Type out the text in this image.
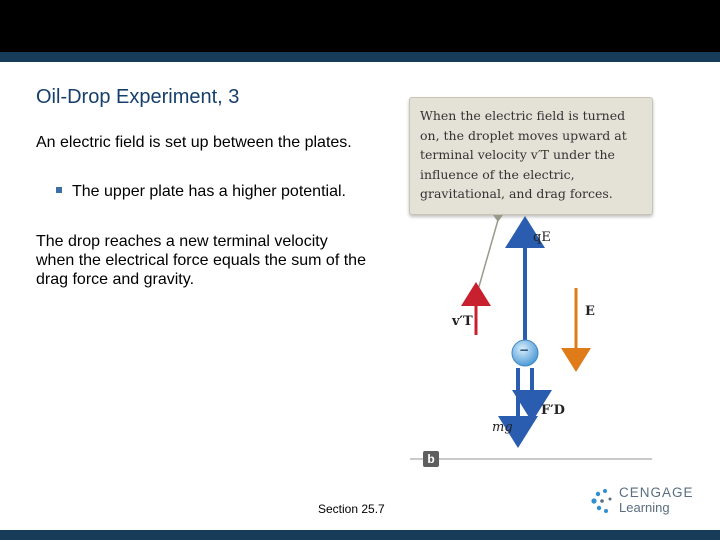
Oil-Drop Experiment, 3
An electric field is set up between the plates.
The upper plate has a higher potential.
The drop reaches a new terminal velocity when the electrical force equals the sum of the drag force and gravity.
When the electric field is turned on, the droplet moves upward at terminal velocity v′T under the influence of the electric, gravitational, and drag forces.
qE
E
v′T
F′D
mg
−
b
Section 25.7
CENGAGE
Learning
